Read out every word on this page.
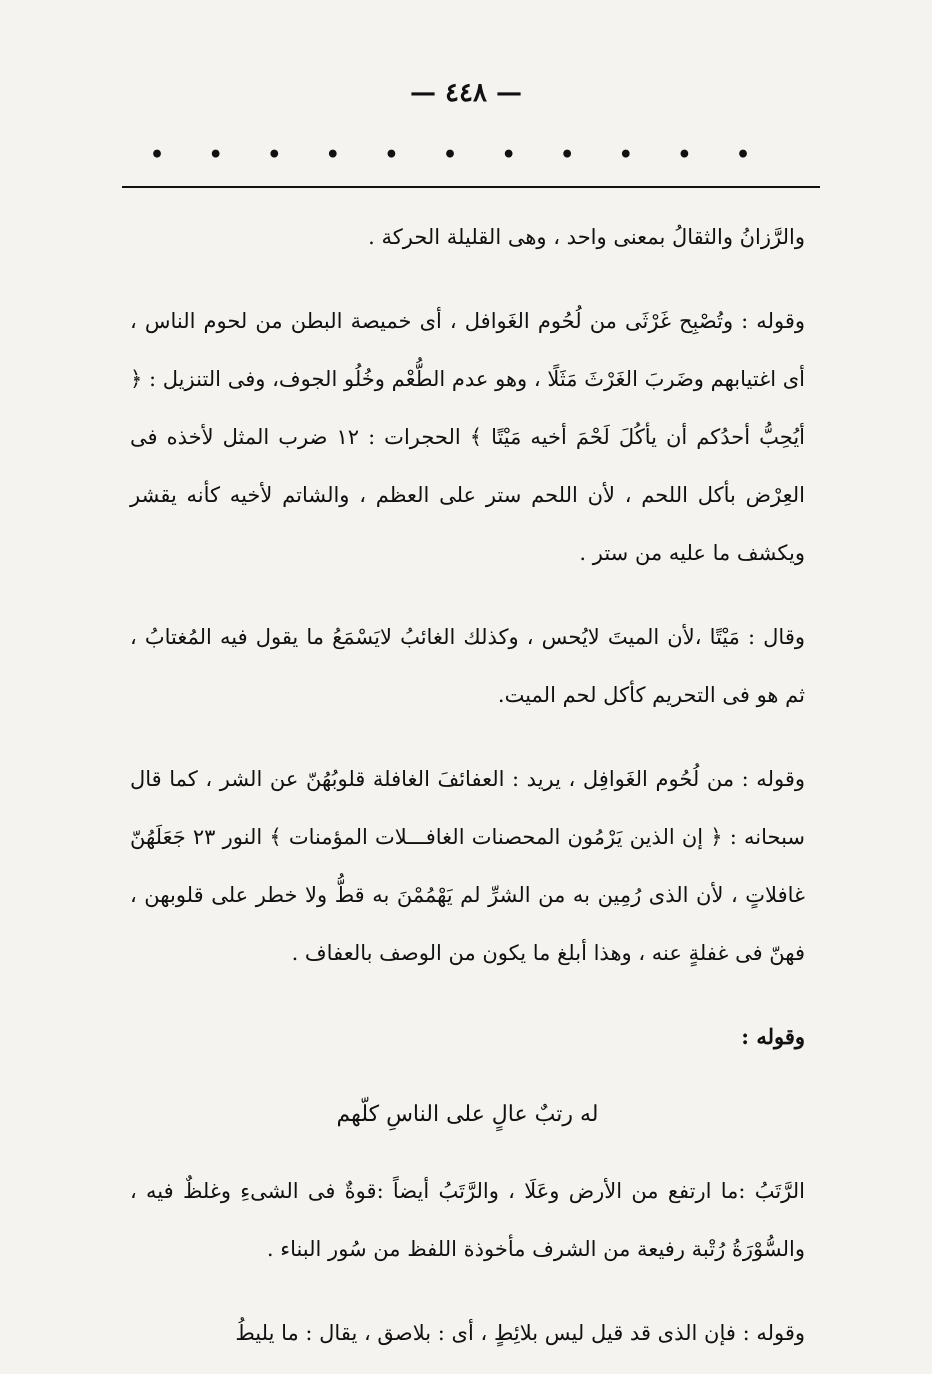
— ٤٤٨ —
•
•
•
•
•
•
•
•
•
•
•

والرَّزانُ والثقالُ بمعنى واحد ، وهى القليلة الحركة .

وقوله : وتُصْبِح غَرْثَى من لُحُوم الغَوافل ، أى خميصة البطن من لحوم الناس ، أى اغتيابهم وضَربَ الغَرْثَ مَثَلًا ، وهو عدم الطُّعْم وخُلُو الجوف، وفى التنزيل : ﴿ أيُحِبُّ أحدُكم أن يأكُلَ لَحْمَ أخيه مَيْتًا ﴾ الحجرات : ١٢ ضرب المثل لأخذه فى العِرْض بأكل اللحم ، لأن اللحم ستر على العظم ، والشاتم لأخيه كأنه يقشر ويكشف ما عليه من ستر .

وقال : مَيْتًا ،لأن الميتَ لايُحس ، وكذلك الغائبُ لايَسْمَعُ ما يقول فيه المُغتابُ ، ثم هو فى التحريم كأكل لحم الميت.

وقوله : من لُحُوم الغَوافِل ، يريد : العفائفَ الغافلة قلوبُهُنّ عن الشر ، كما قال سبحانه : ﴿ إن الذين يَرْمُون المحصنات الغافـــلات المؤمنات ﴾ النور ٢٣ جَعَلَهُنّ غافلاتٍ ، لأن الذى رُمِين به من الشرِّ لم يَهْمُمْنَ به قطُّ ولا خطر على قلوبهن ، فهنّ فى غفلةٍ عنه ، وهذا أبلغ ما يكون من الوصف بالعفاف .

وقوله :

له رتبٌ عالٍ على الناسِ كلّهم

الرَّتَبُ :ما ارتفع من الأرض وعَلَا ، والرَّتَبُ أيضاً :قوةٌ فى الشىءِ وغلظٌ فيه ، والسُّوْرَةُ رُتْبة رفيعة من الشرف مأخوذة اللفظ من سُور البناء .

وقوله : فإن الذى قد قيل ليس بلائِطٍ ، أى : بلاصق ، يقال : ما يليطُ
